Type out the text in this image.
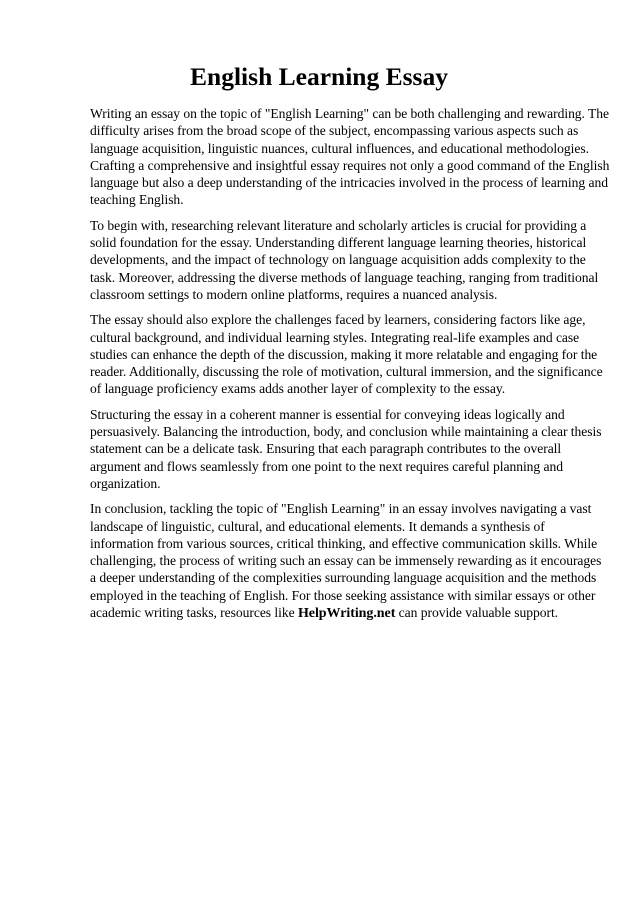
English Learning Essay

Writing an essay on the topic of "English Learning" can be both challenging and rewarding. The difficulty arises from the broad scope of the subject, encompassing various aspects such as language acquisition, linguistic nuances, cultural influences, and educational methodologies. Crafting a comprehensive and insightful essay requires not only a good command of the English language but also a deep understanding of the intricacies involved in the process of learning and teaching English.

To begin with, researching relevant literature and scholarly articles is crucial for providing a solid foundation for the essay. Understanding different language learning theories, historical developments, and the impact of technology on language acquisition adds complexity to the task. Moreover, addressing the diverse methods of language teaching, ranging from traditional classroom settings to modern online platforms, requires a nuanced analysis.

The essay should also explore the challenges faced by learners, considering factors like age, cultural background, and individual learning styles. Integrating real-life examples and case studies can enhance the depth of the discussion, making it more relatable and engaging for the reader. Additionally, discussing the role of motivation, cultural immersion, and the significance of language proficiency exams adds another layer of complexity to the essay.

Structuring the essay in a coherent manner is essential for conveying ideas logically and persuasively. Balancing the introduction, body, and conclusion while maintaining a clear thesis statement can be a delicate task. Ensuring that each paragraph contributes to the overall argument and flows seamlessly from one point to the next requires careful planning and organization.

In conclusion, tackling the topic of "English Learning" in an essay involves navigating a vast landscape of linguistic, cultural, and educational elements. It demands a synthesis of information from various sources, critical thinking, and effective communication skills. While challenging, the process of writing such an essay can be immensely rewarding as it encourages a deeper understanding of the complexities surrounding language acquisition and the methods employed in the teaching of English. For those seeking assistance with similar essays or other academic writing tasks, resources like HelpWriting.net can provide valuable support.
